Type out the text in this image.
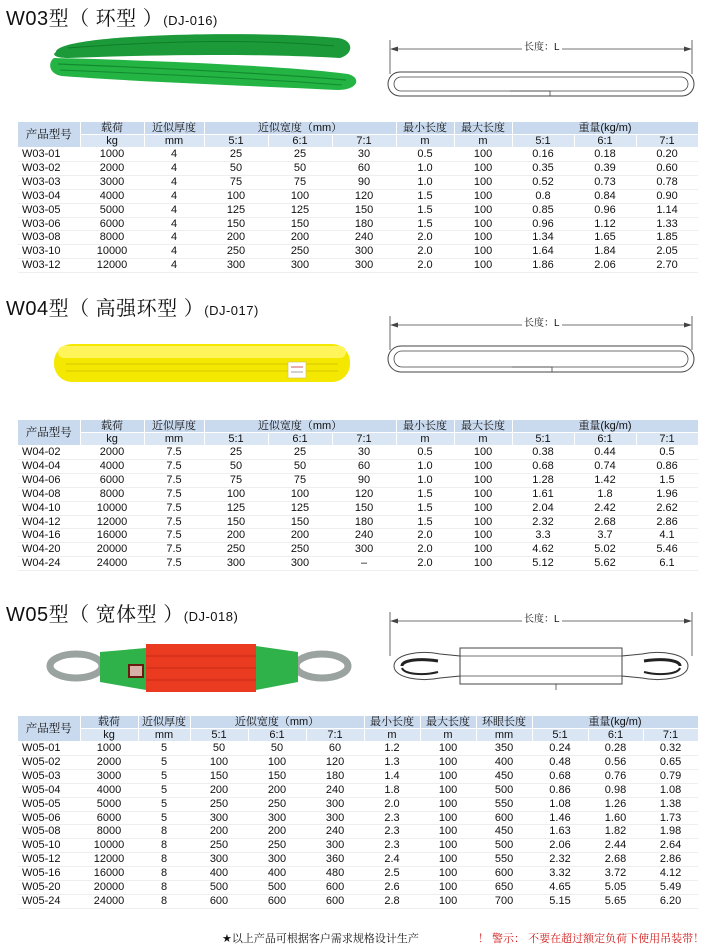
W03型（ 环型 ）(DJ-016)
长度：L
产品型号	载荷	近似厚度	近似宽度（mm）			最小长度	最大长度	重量(kg/m)		
	kg	mm	5:1	6:1	7:1	m	m	5:1	6:1	7:1
W03-01	1000	4	25	25	30	0.5	100	0.16	0.18	0.20
W03-02	2000	4	50	50	60	1.0	100	0.35	0.39	0.60
W03-03	3000	4	75	75	90	1.0	100	0.52	0.73	0.78
W03-04	4000	4	100	100	120	1.5	100	0.8	0.84	0.90
W03-05	5000	4	125	125	150	1.5	100	0.85	0.96	1.14
W03-06	6000	4	150	150	180	1.5	100	0.96	1.12	1.33
W03-08	8000	4	200	200	240	2.0	100	1.34	1.65	1.85
W03-10	10000	4	250	250	300	2.0	100	1.64	1.84	2.05
W03-12	12000	4	300	300	300	2.0	100	1.86	2.06	2.70
W04型（ 高强环型 ）(DJ-017)
长度：L
产品型号	载荷	近似厚度	近似宽度（mm）			最小长度	最大长度	重量(kg/m)		
	kg	mm	5:1	6:1	7:1	m	m	5:1	6:1	7:1
W04-02	2000	7.5	25	25	30	0.5	100	0.38	0.44	0.5
W04-04	4000	7.5	50	50	60	1.0	100	0.68	0.74	0.86
W04-06	6000	7.5	75	75	90	1.0	100	1.28	1.42	1.5
W04-08	8000	7.5	100	100	120	1.5	100	1.61	1.8	1.96
W04-10	10000	7.5	125	125	150	1.5	100	2.04	2.42	2.62
W04-12	12000	7.5	150	150	180	1.5	100	2.32	2.68	2.86
W04-16	16000	7.5	200	200	240	2.0	100	3.3	3.7	4.1
W04-20	20000	7.5	250	250	300	2.0	100	4.62	5.02	5.46
W04-24	24000	7.5	300	300	–	2.0	100	5.12	5.62	6.1
W05型（ 宽体型 ）(DJ-018)	长度：L
产品型号	载荷	近似厚度	近似宽度（mm）			最小长度	最大长度	环眼长度	重量(kg/m)		
	kg	mm	5:1	6:1	7:1	m	m	mm	5:1	6:1	7:1
W05-01	1000	5	50	50	60	1.2	100	350	0.24	0.28	0.32
W05-02	2000	5	100	100	120	1.3	100	400	0.48	0.56	0.65
W05-03	3000	5	150	150	180	1.4	100	450	0.68	0.76	0.79
W05-04	4000	5	200	200	240	1.8	100	500	0.86	0.98	1.08
W05-05	5000	5	250	250	300	2.0	100	550	1.08	1.26	1.38
W05-06	6000	5	300	300	300	2.3	100	600	1.46	1.60	1.73
W05-08	8000	8	200	200	240	2.3	100	450	1.63	1.82	1.98
W05-10	10000	8	250	250	300	2.3	100	500	2.06	2.44	2.64
W05-12	12000	8	300	300	360	2.4	100	550	2.32	2.68	2.86
W05-16	16000	8	400	400	480	2.5	100	600	3.32	3.72	4.12
W05-20	20000	8	500	500	600	2.6	100	650	4.65	5.05	5.49
W05-24	24000	8	600	600	600	2.8	100	700	5.15	5.65	6.20
★以上产品可根据客户需求规格设计生产	！ 警示： 不要在超过额定负荷下使用吊装带！
